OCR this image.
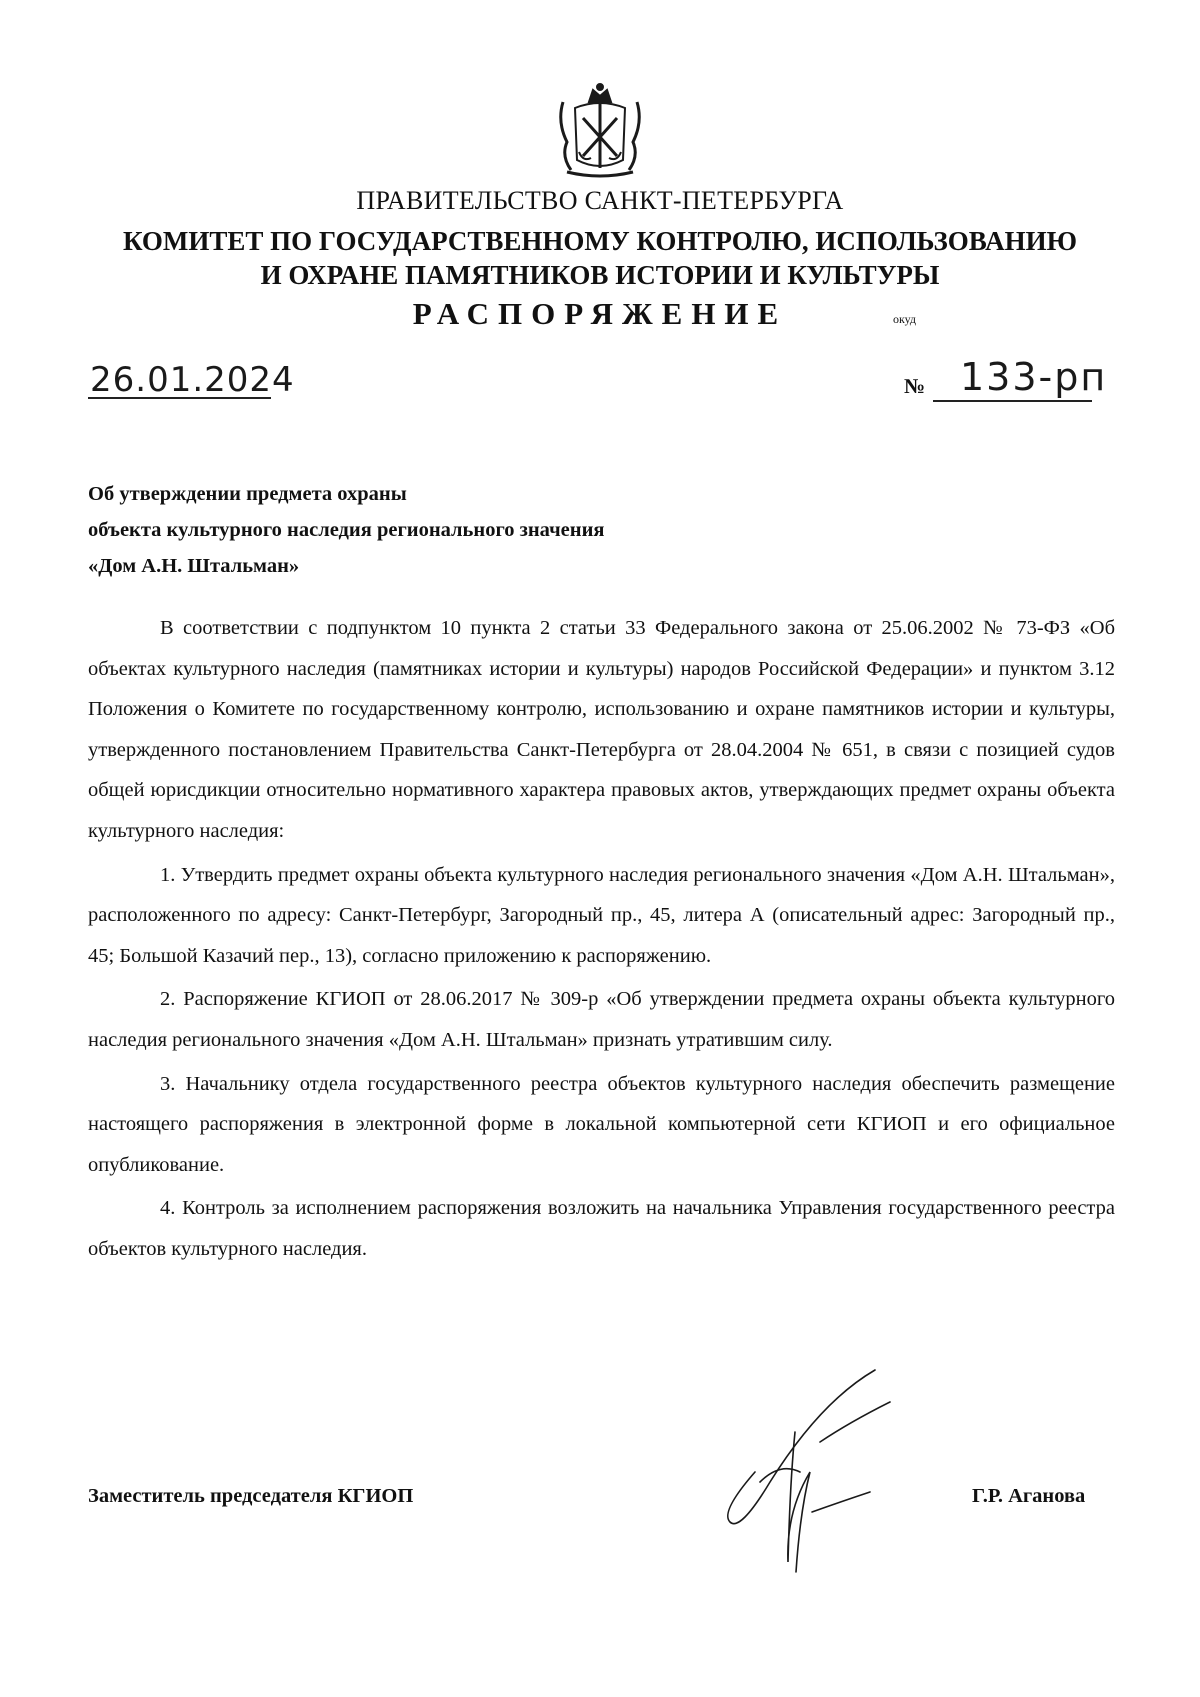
ПРАВИТЕЛЬСТВО САНКТ-ПЕТЕРБУРГА
КОМИТЕТ ПО ГОСУДАРСТВЕННОМУ КОНТРОЛЮ, ИСПОЛЬЗОВАНИЮ
И ОХРАНЕ ПАМЯТНИКОВ ИСТОРИИ И КУЛЬТУРЫ
РАСПОРЯЖЕНИЕ	окуд
26.01.2024	№ 133-рп
Об утверждении предмета охраны
объекта культурного наследия регионального значения
«Дом А.Н. Штальман»

В соответствии с подпунктом 10 пункта 2 статьи 33 Федерального закона от 25.06.2002 № 73-ФЗ «Об объектах культурного наследия (памятниках истории и культуры) народов Российской Федерации» и пунктом 3.12 Положения о Комитете по государственному контролю, использованию и охране памятников истории и культуры, утвержденного постановлением Правительства Санкт-Петербурга от 28.04.2004 № 651, в связи с позицией судов общей юрисдикции относительно нормативного характера правовых актов, утверждающих предмет охраны объекта культурного наследия:

1. Утвердить предмет охраны объекта культурного наследия регионального значения «Дом А.Н. Штальман», расположенного по адресу: Санкт-Петербург, Загородный пр., 45, литера А (описательный адрес: Загородный пр., 45; Большой Казачий пер., 13), согласно приложению к распоряжению.

2. Распоряжение КГИОП от 28.06.2017 № 309-р «Об утверждении предмета охраны объекта культурного наследия регионального значения «Дом А.Н. Штальман» признать утратившим силу.

3. Начальнику отдела государственного реестра объектов культурного наследия обеспечить размещение настоящего распоряжения в электронной форме в локальной компьютерной сети КГИОП и его официальное опубликование.

4. Контроль за исполнением распоряжения возложить на начальника Управления государственного реестра объектов культурного наследия.

Заместитель председателя КГИОП	Г.Р. Аганова
